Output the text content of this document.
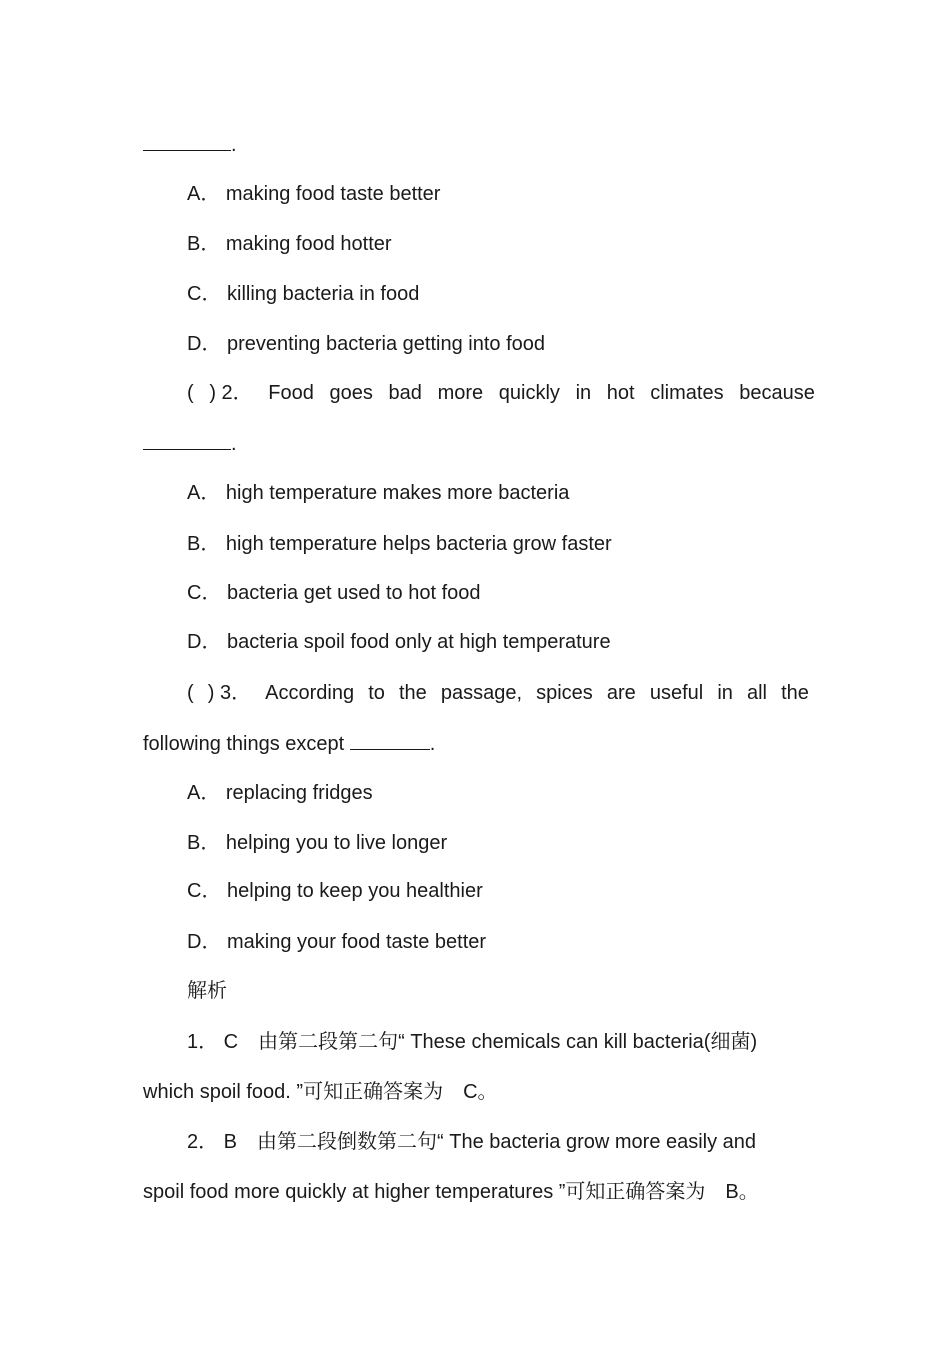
.
A． making food taste better
B． making food hotter
C． killing bacteria in food
D． preventing bacteria getting into food
( ) 2． Food goes bad more quickly in hot climates because
.
A． high temperature makes more bacteria
B． high temperature helps bacteria grow faster
C． bacteria get used to hot food
D． bacteria spoil food only at high temperature
( ) 3． According to the passage, spices are useful in all the
following things except	.
A． replacing fridges
B． helping you to live longer
C． helping to keep you healthier
D． making your food taste better
解析
1． C　由第二段第二句“ These chemicals can kill bacteria(细菌)
which spoil food. ”可知正确答案为　C。
2． B　由第二段倒数第二句“ The bacteria grow more easily and
spoil food more quickly at higher temperatures ”可知正确答案为　B。
